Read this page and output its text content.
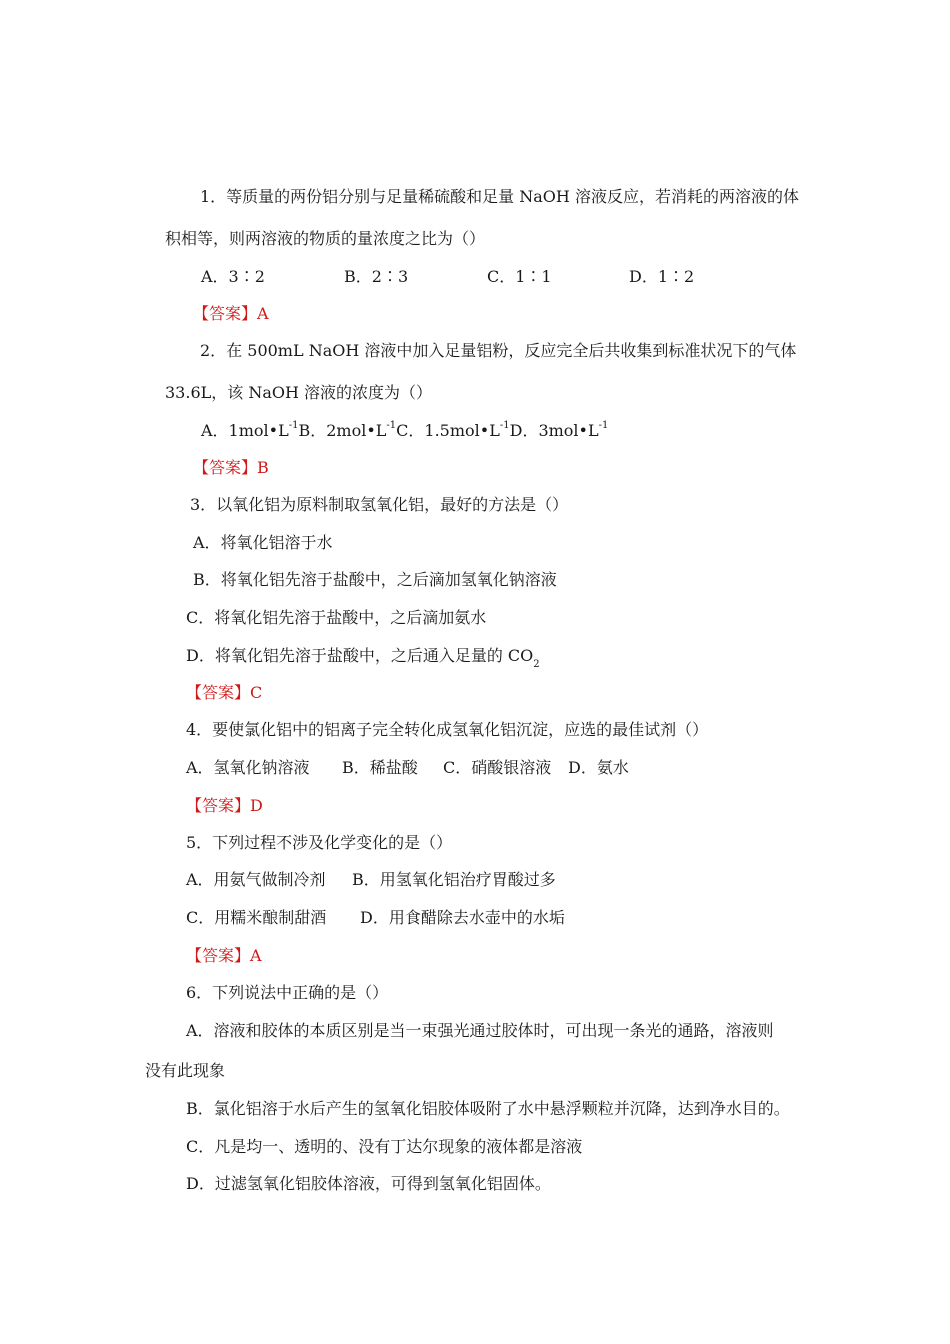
1．等质量的两份铝分别与足量稀硫酸和足量 NaOH 溶液反应，若消耗的两溶液的体
积相等，则两溶液的物质的量浓度之比为（）
A．3∶2	B．2∶3	C．1∶1	D．1∶2
【答案】A
2．在 500mL NaOH 溶液中加入足量铝粉，反应完全后共收集到标准状况下的气体
33.6L，该 NaOH 溶液的浓度为（）
A．$1mol•L^{-1}B$．$2mol•L^{-1}C$．$1.5mol•L^{-1}D$．$3mol•L^{-1}$
【答案】B
3．以氧化铝为原料制取氢氧化铝，最好的方法是（）
A．将氧化铝溶于水
B．将氧化铝先溶于盐酸中，之后滴加氢氧化钠溶液
C．将氧化铝先溶于盐酸中，之后滴加氨水
D．将氧化铝先溶于盐酸中，之后通入足量的 $CO_2$
【答案】C
4．要使氯化铝中的铝离子完全转化成氢氧化铝沉淀，应选的最佳试剂（）
A．氢氧化钠溶液 B．稀盐酸 C．硝酸银溶液 D．氨水
【答案】D
5．下列过程不涉及化学变化的是（）
A．用氨气做制冷剂 B．用氢氧化铝治疗胃酸过多
C．用糯米酿制甜酒 D．用食醋除去水壶中的水垢
【答案】A
6．下列说法中正确的是（）
A．溶液和胶体的本质区别是当一束强光通过胶体时，可出现一条光的通路，溶液则
没有此现象
B．氯化铝溶于水后产生的氢氧化铝胶体吸附了水中悬浮颗粒并沉降，达到净水目的。
C．凡是均一、透明的、没有丁达尔现象的液体都是溶液
D．过滤氢氧化铝胶体溶液，可得到氢氧化铝固体。
